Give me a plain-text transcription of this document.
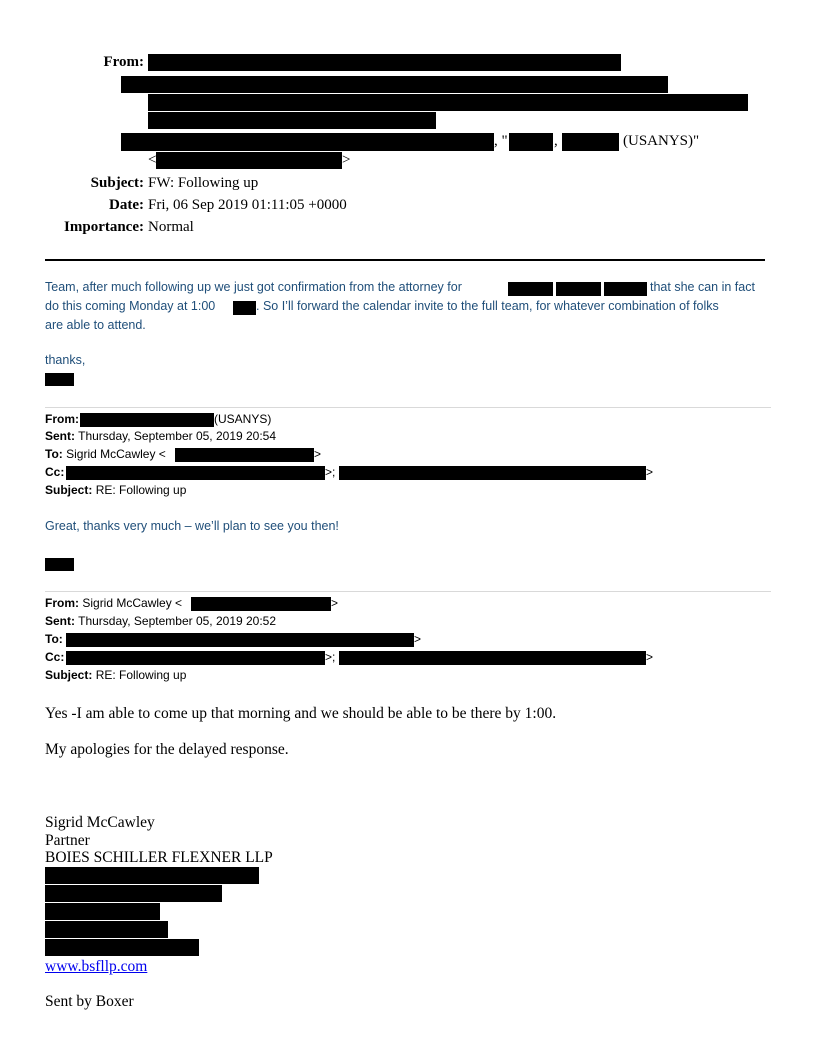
From:
, "	,	(USANYS)"
<	>
Subject: FW: Following up
Date: Fri, 06 Sep 2019 01:11:05 +0000
Importance: Normal
Team, after much following up we just got confirmation from the attorney for	that she can in fact
do this coming Monday at 1:00	. So I’ll forward the calendar invite to the full team, for whatever combination of folks
are able to attend.
thanks,
From:	(USANYS)
Sent: Thursday, September 05, 2019 20:54
To: Sigrid McCawley <	>
Cc:	>;	>
Subject: RE: Following up
Great, thanks very much – we’ll plan to see you then!
From: Sigrid McCawley <	>
Sent: Thursday, September 05, 2019 20:52
To:	>
Cc:	>;	>
Subject: RE: Following up
Yes -I am able to come up that morning and we should be able to be there by 1:00.
My apologies for the delayed response.
Sigrid McCawley
Partner
BOIES SCHILLER FLEXNER LLP
www.bsfllp.com
Sent by Boxer
